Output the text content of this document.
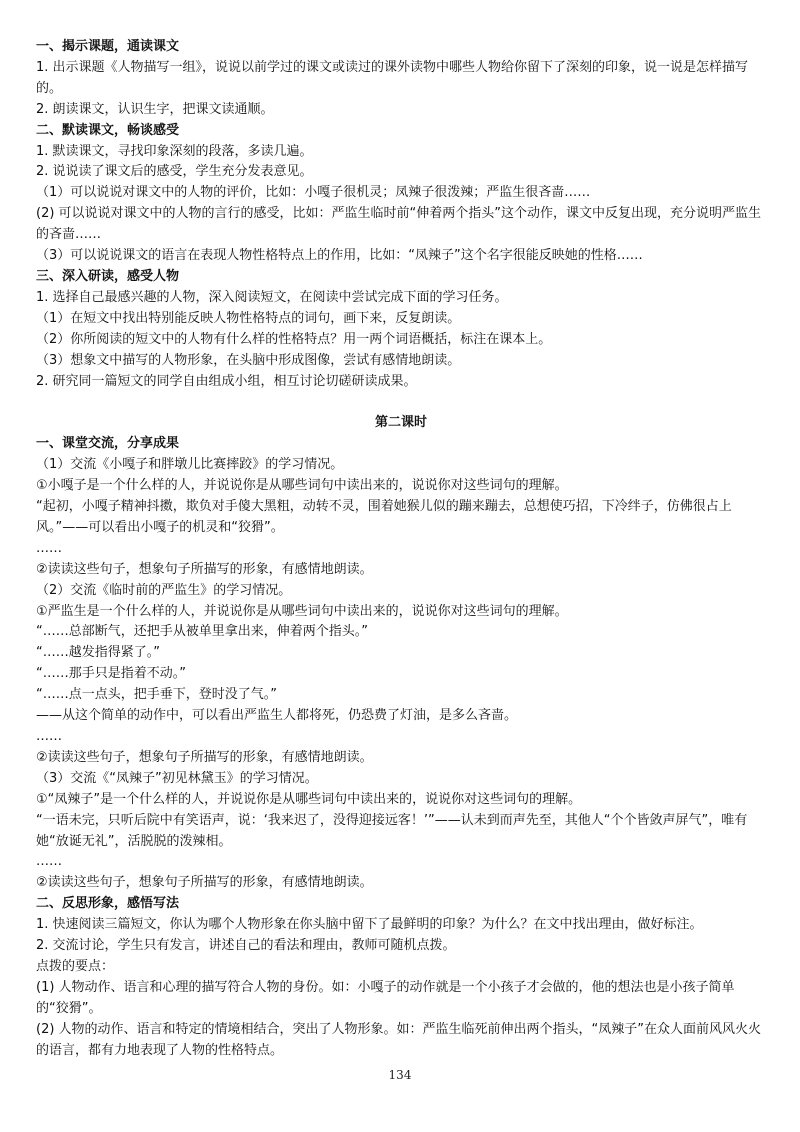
一、揭示课题，通读课文

1. 出示课题《人物描写一组》，说说以前学过的课文或读过的课外读物中哪些人物给你留下了深刻的印象，说一说是怎样描写的。

2. 朗读课文，认识生字，把课文读通顺。

二、默读课文，畅谈感受

1. 默读课文，寻找印象深刻的段落，多读几遍。

2. 说说读了课文后的感受，学生充分发表意见。

（1）可以说说对课文中的人物的评价，比如：小嘎子很机灵；凤辣子很泼辣；严监生很吝啬……

(2) 可以说说对课文中的人物的言行的感受，比如：严监生临时前“伸着两个指头”这个动作，课文中反复出现，充分说明严监生的吝啬……

（3）可以说说课文的语言在表现人物性格特点上的作用，比如：“凤辣子”这个名字很能反映她的性格……

三、深入研读，感受人物

1. 选择自己最感兴趣的人物，深入阅读短文，在阅读中尝试完成下面的学习任务。

（1）在短文中找出特别能反映人物性格特点的词句，画下来，反复朗读。

（2）你所阅读的短文中的人物有什么样的性格特点？用一两个词语概括，标注在课本上。

（3）想象文中描写的人物形象，在头脑中形成图像，尝试有感情地朗读。

2. 研究同一篇短文的同学自由组成小组，相互讨论切磋研读成果。

第二课时

一、课堂交流，分享成果

（1）交流《小嘎子和胖墩儿比赛摔跤》的学习情况。

①小嘎子是一个什么样的人，并说说你是从哪些词句中读出来的，说说你对这些词句的理解。

“起初，小嘎子精神抖擞，欺负对手傻大黑粗，动转不灵，围着她猴儿似的蹦来蹦去，总想使巧招，下冷绊子，仿佛很占上风。”——可以看出小嘎子的机灵和“狡猾”。

……

②读读这些句子，想象句子所描写的形象，有感情地朗读。

（2）交流《临时前的严监生》的学习情况。

①严监生是一个什么样的人，并说说你是从哪些词句中读出来的，说说你对这些词句的理解。

“……总部断气，还把手从被单里拿出来，伸着两个指头。”

“……越发指得紧了。”

“……那手只是指着不动。”

“……点一点头，把手垂下，登时没了气。”

——从这个简单的动作中，可以看出严监生人都将死，仍恐费了灯油，是多么吝啬。

……

②读读这些句子，想象句子所描写的形象，有感情地朗读。

（3）交流《“凤辣子”初见林黛玉》的学习情况。

①“凤辣子”是一个什么样的人，并说说你是从哪些词句中读出来的，说说你对这些词句的理解。

“一语未完，只听后院中有笑语声，说：‘我来迟了，没得迎接远客！’”——认未到而声先至，其他人“个个皆敛声屏气”，唯有她“放诞无礼”，活脱脱的泼辣相。

……

②读读这些句子，想象句子所描写的形象，有感情地朗读。

二、反思形象，感悟写法

1. 快速阅读三篇短文，你认为哪个人物形象在你头脑中留下了最鲜明的印象？为什么？在文中找出理由，做好标注。

2. 交流讨论，学生只有发言，讲述自己的看法和理由，教师可随机点拨。

点拨的要点：

(1) 人物动作、语言和心理的描写符合人物的身份。如：小嘎子的动作就是一个小孩子才会做的，他的想法也是小孩子简单的“狡猾”。

(2) 人物的动作、语言和特定的情境相结合，突出了人物形象。如：严监生临死前伸出两个指头，“凤辣子”在众人面前风风火火的语言，都有力地表现了人物的性格特点。

134
